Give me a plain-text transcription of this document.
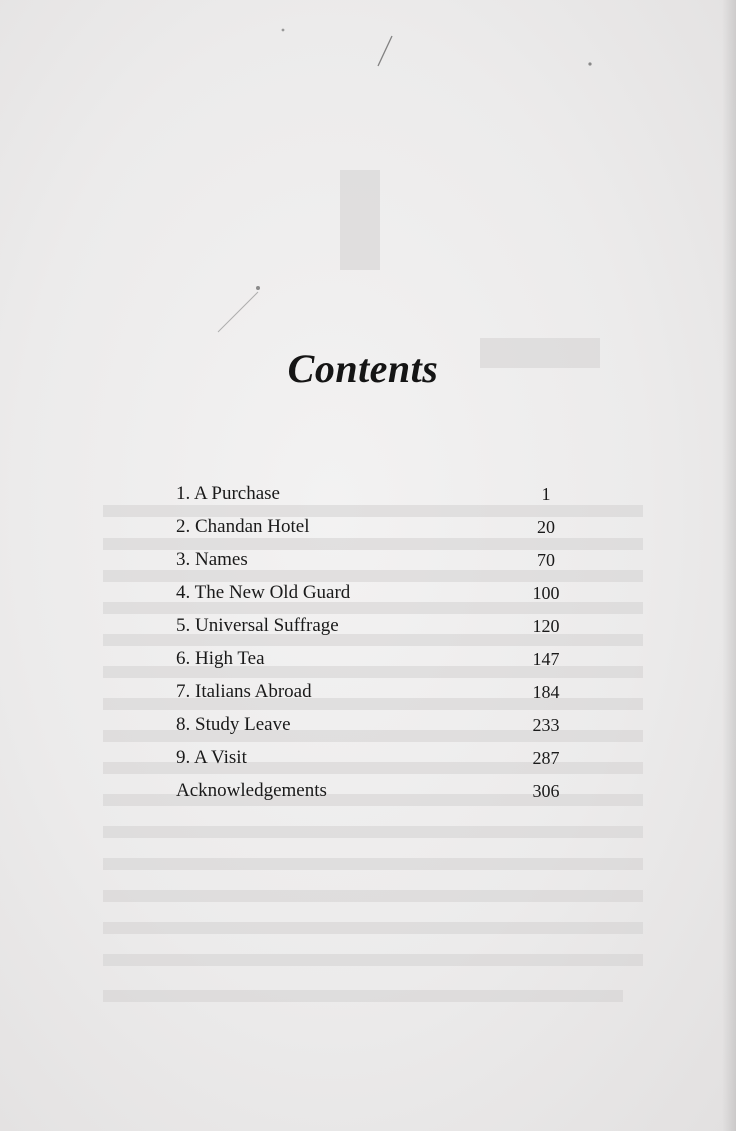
Contents
1. A Purchase	1
2. Chandan Hotel	20
3. Names	70
4. The New Old Guard	100
5. Universal Suffrage	120
6. High Tea	147
7. Italians Abroad	184
8. Study Leave	233
9. A Visit	287
Acknowledgements	306
